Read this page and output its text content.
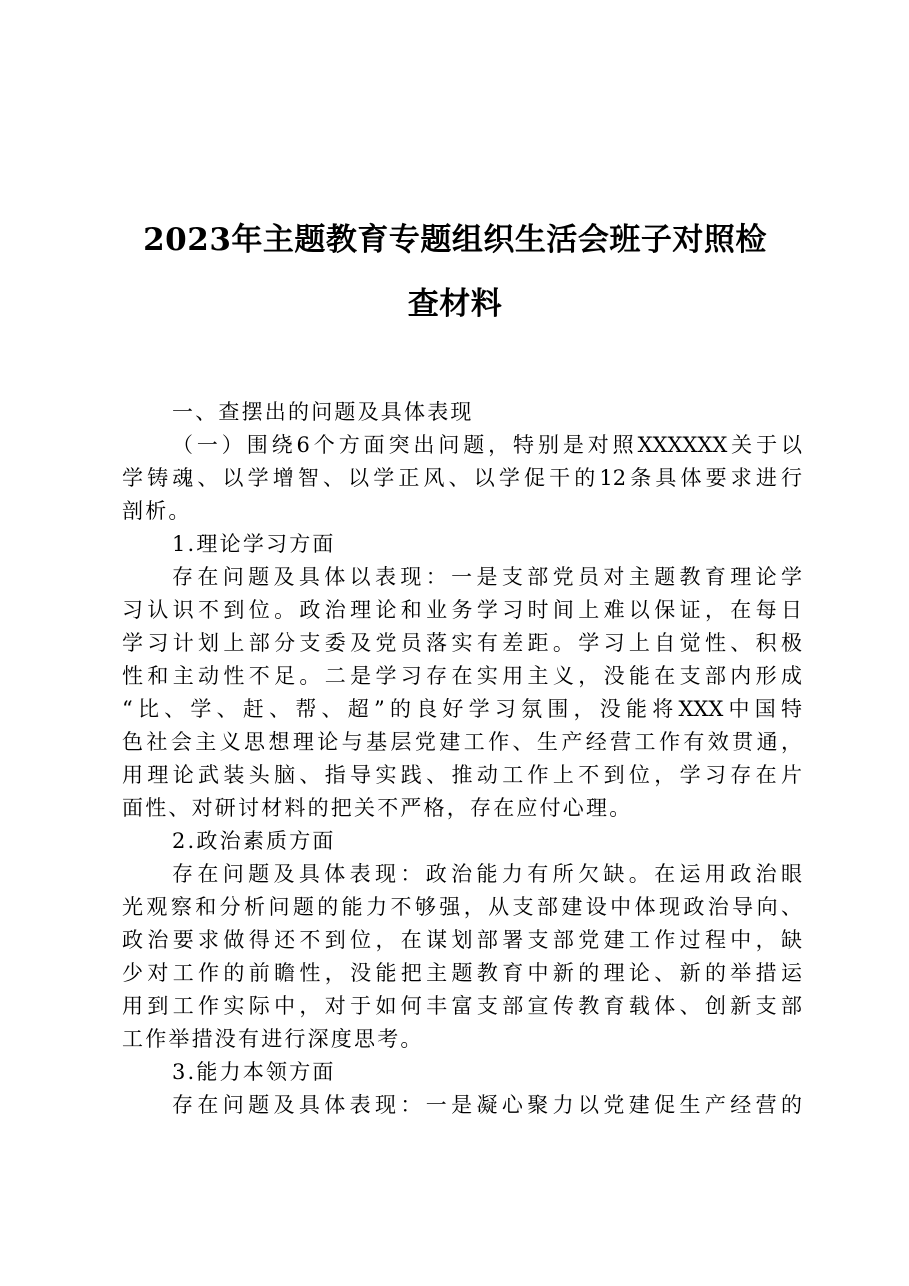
2023年主题教育专题组织生活会班子对照检
查材料
一、查摆出的问题及具体表现
（一）围绕6个方面突出问题，特别是对照XXXXXX关于以
学铸魂、以学增智、以学正风、以学促干的12条具体要求进行
剖析。
1.理论学习方面
存在问题及具体以表现：一是支部党员对主题教育理论学
习认识不到位。政治理论和业务学习时间上难以保证，在每日
学习计划上部分支委及党员落实有差距。学习上自觉性、积极
性和主动性不足。二是学习存在实用主义，没能在支部内形成
“比、学、赶、帮、超”的良好学习氛围，没能将XXX中国特
色社会主义思想理论与基层党建工作、生产经营工作有效贯通，
用理论武装头脑、指导实践、推动工作上不到位，学习存在片
面性、对研讨材料的把关不严格，存在应付心理。
2.政治素质方面
存在问题及具体表现：政治能力有所欠缺。在运用政治眼
光观察和分析问题的能力不够强，从支部建设中体现政治导向、
政治要求做得还不到位，在谋划部署支部党建工作过程中，缺
少对工作的前瞻性，没能把主题教育中新的理论、新的举措运
用到工作实际中，对于如何丰富支部宣传教育载体、创新支部
工作举措没有进行深度思考。
3.能力本领方面
存在问题及具体表现：一是凝心聚力以党建促生产经营的
